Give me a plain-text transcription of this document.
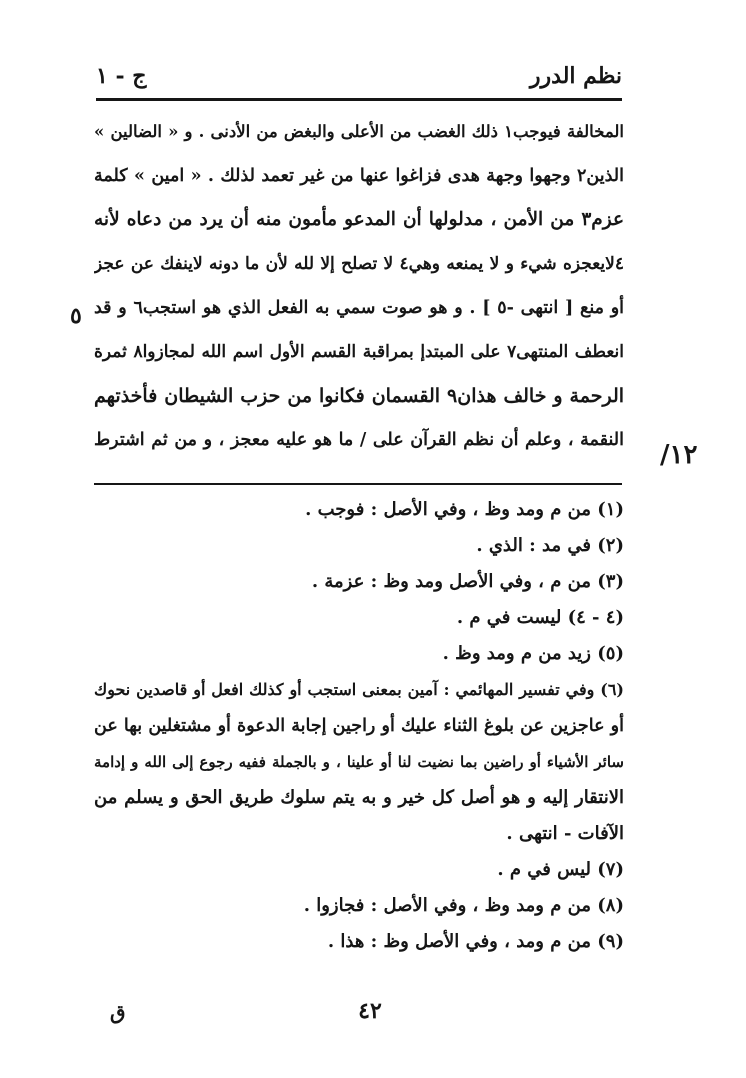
نظم الدرر
ج - ١
المخالفة فيوجب١ ذلك الغضب من الأعلى والبغض من الأدنى . و « الضالين »
الذين٢ وجهوا وجهة هدى فزاغوا عنها من غير تعمد لذلك . « امين » كلمة
عزم٣ من الأمن ، مدلولها أن المدعو مأمون منه أن يرد من دعاه لأنه
٤لايعجزه شيء و لا يمنعه وهي٤ لا تصلح إلا لله لأن ما دونه لاينفك عن عجز
أو منع [ انتهى -٥ ] . و هو صوت سمي به الفعل الذي هو استجب٦ و قد
انعطف المنتهى٧ على المبتدإ بمراقبة القسم الأول اسم الله لمجازوا٨ ثمرة
الرحمة و خالف هذان٩ القسمان فكانوا من حزب الشيطان فأخذتهم
النقمة ، وعلم أن نظم القرآن على / ما هو عليه معجز ، و من ثم اشترط
٥
١٢/
(١) من م ومد وظ ، وفي الأصل : فوجب .
(٢) في مد : الذي .
(٣) من م ، وفي الأصل ومد وظ : عزمة .
(٤ - ٤) ليست في م .
(٥) زيد من م ومد وظ .
(٦) وفي تفسير المهائمي : آمين بمعنى استجب أو كذلك افعل أو قاصدين نحوك
أو عاجزين عن بلوغ الثناء عليك أو راجين إجابة الدعوة أو مشتغلين بها عن
سائر الأشياء أو راضين بما نضيت لنا أو علينا ، و بالجملة ففيه رجوع إلى الله و إدامة
الانتقار إليه و هو أصل كل خير و به يتم سلوك طريق الحق و يسلم من
الآفات - انتهى .
(٧) ليس في م .
(٨) من م ومد وظ ، وفي الأصل : فجازوا .
(٩) من م ومد ، وفي الأصل وظ : هذا .
٤٢
ق
